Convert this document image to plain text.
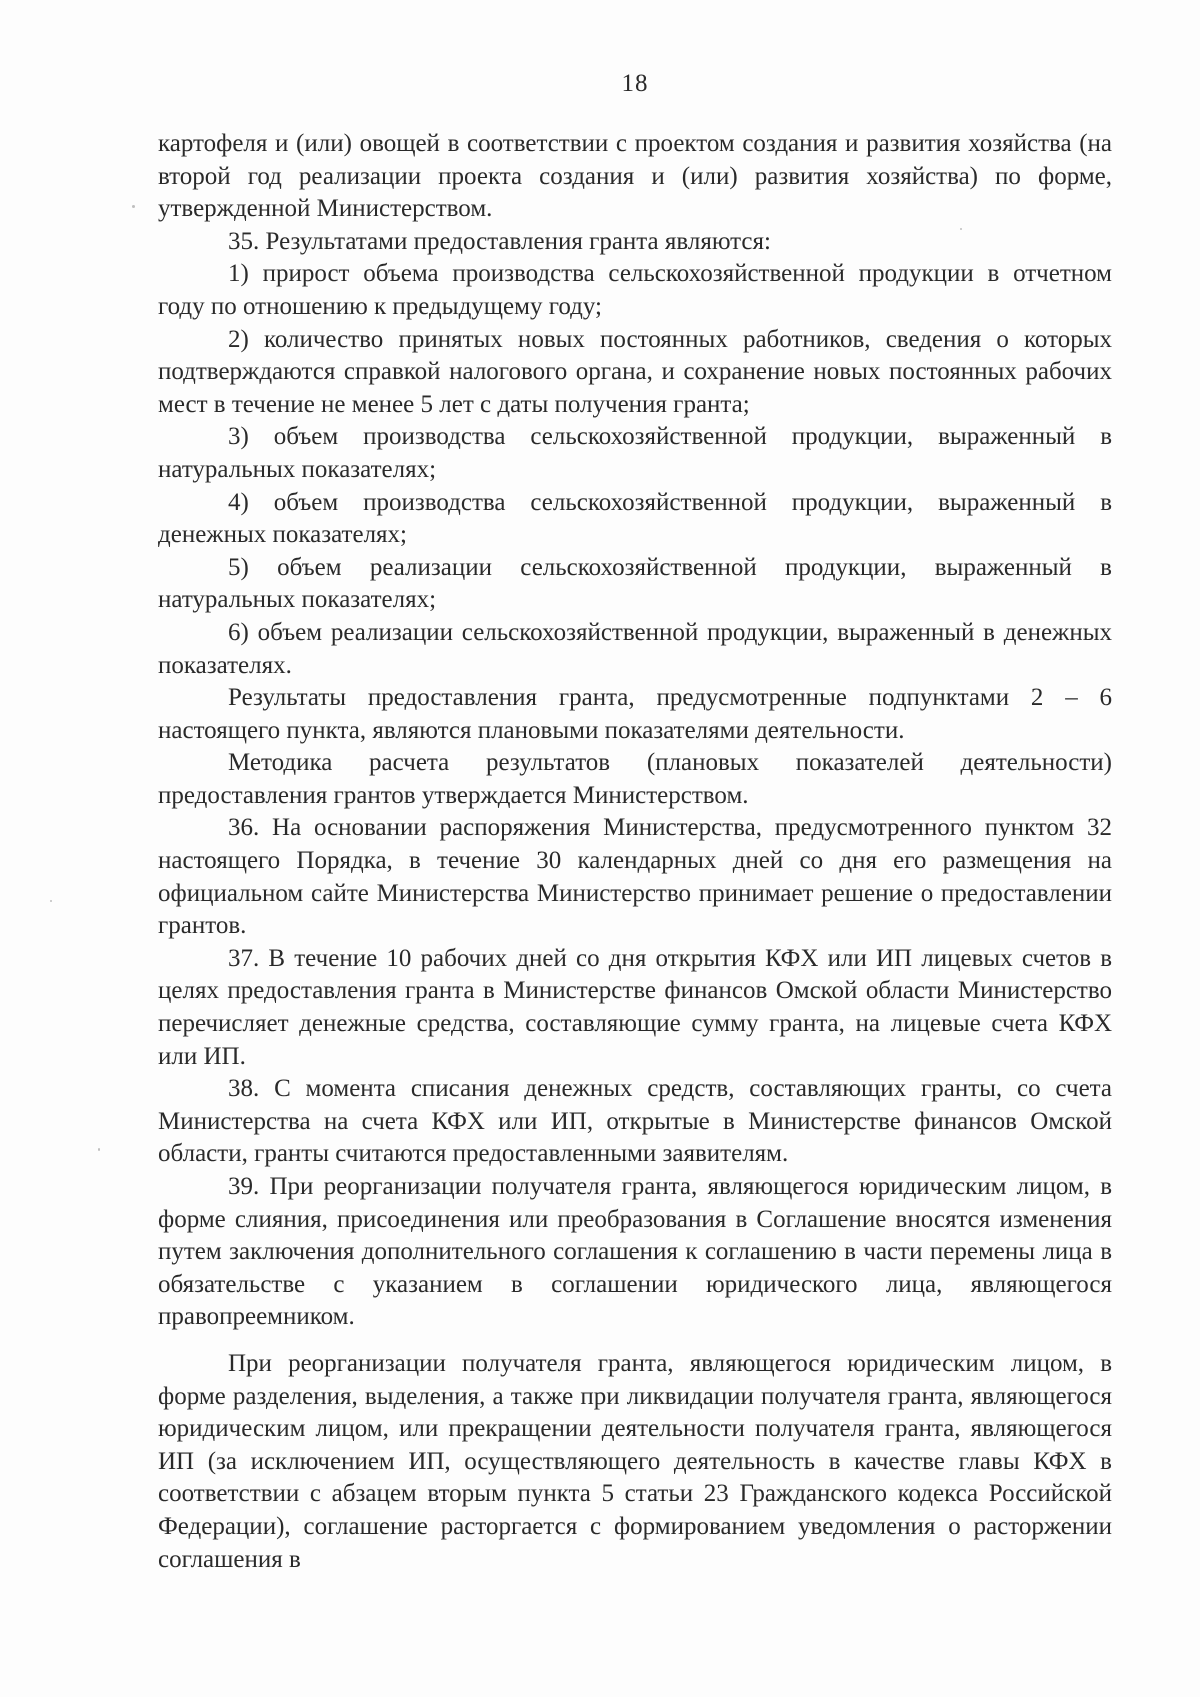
18

картофеля и (или) овощей в соответствии с проектом создания и развития хозяйства (на второй год реализации проекта создания и (или) развития хозяйства) по форме, утвержденной Министерством.

35. Результатами предоставления гранта являются:

1) прирост объема производства сельскохозяйственной продукции в отчетном году по отношению к предыдущему году;

2) количество принятых новых постоянных работников, сведения о которых подтверждаются справкой налогового органа, и сохранение новых постоянных рабочих мест в течение не менее 5 лет с даты получения гранта;

3) объем производства сельскохозяйственной продукции, выраженный в натуральных показателях;

4) объем производства сельскохозяйственной продукции, выраженный в денежных показателях;

5) объем реализации сельскохозяйственной продукции, выраженный в натуральных показателях;

6) объем реализации сельскохозяйственной продукции, выраженный в денежных показателях.

Результаты предоставления гранта, предусмотренные подпунктами 2 – 6 настоящего пункта, являются плановыми показателями деятельности.

Методика расчета результатов (плановых показателей деятельности) предоставления грантов утверждается Министерством.

36. На основании распоряжения Министерства, предусмотренного пунктом 32 настоящего Порядка, в течение 30 календарных дней со дня его размещения на официальном сайте Министерства Министерство принимает решение о предоставлении грантов.

37. В течение 10 рабочих дней со дня открытия КФХ или ИП лицевых счетов в целях предоставления гранта в Министерстве финансов Омской области Министерство перечисляет денежные средства, составляющие сумму гранта, на лицевые счета КФХ или ИП.

38. С момента списания денежных средств, составляющих гранты, со счета Министерства на счета КФХ или ИП, открытые в Министерстве финансов Омской области, гранты считаются предоставленными заявителям.

39. При реорганизации получателя гранта, являющегося юридическим лицом, в форме слияния, присоединения или преобразования в Соглашение вносятся изменения путем заключения дополнительного соглашения к соглашению в части перемены лица в обязательстве с указанием в соглашении юридического лица, являющегося правопреемником.

При реорганизации получателя гранта, являющегося юридическим лицом, в форме разделения, выделения, а также при ликвидации получателя гранта, являющегося юридическим лицом, или прекращении деятельности получателя гранта, являющегося ИП (за исключением ИП, осуществляющего деятельность в качестве главы КФХ в соответствии с абзацем вторым пункта 5 статьи 23 Гражданского кодекса Российской Федерации), соглашение расторгается с формированием уведомления о расторжении соглашения в
